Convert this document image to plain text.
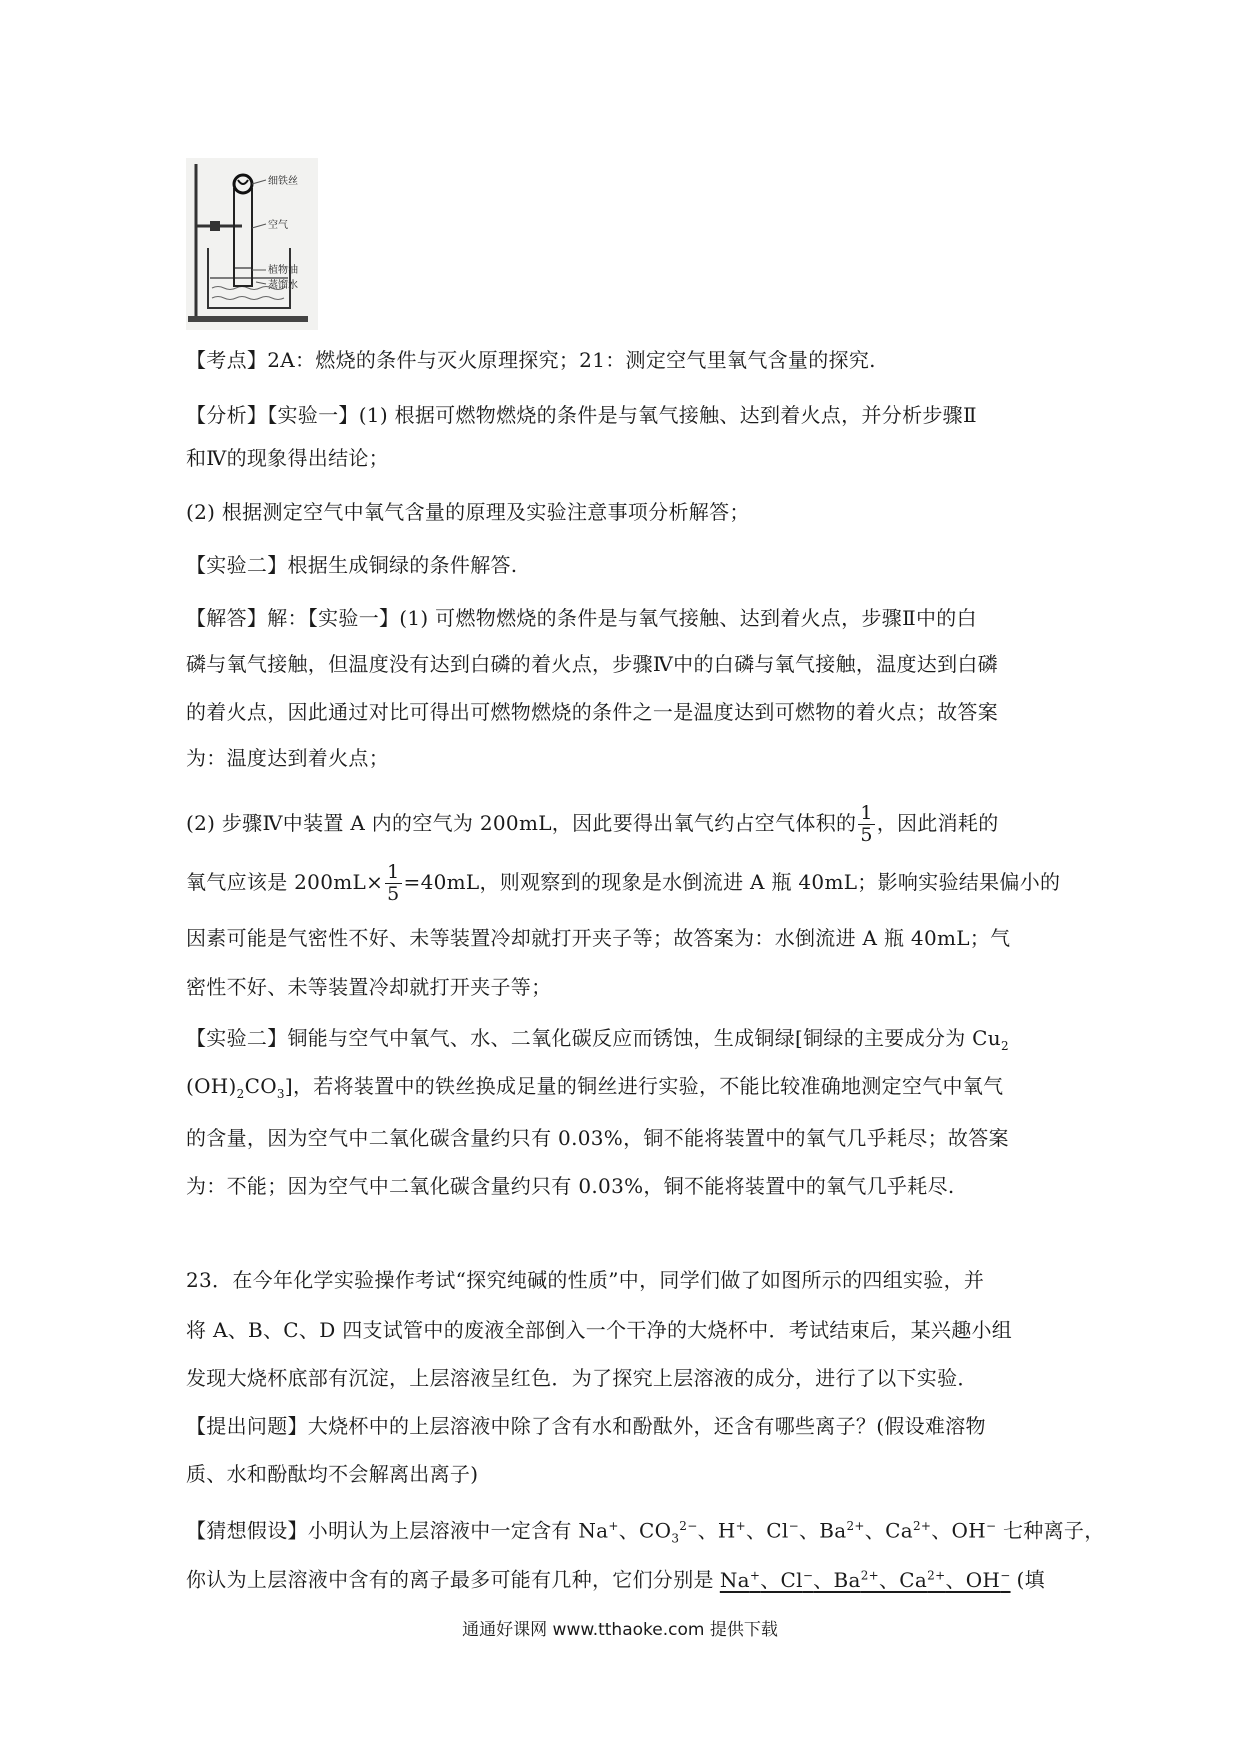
细铁丝
空气
植物油
蒸馏水
【考点】2A：燃烧的条件与灭火原理探究；21：测定空气里氧气含量的探究.
【分析】【实验一】(1) 根据可燃物燃烧的条件是与氧气接触、达到着火点，并分析步骤Ⅱ
和Ⅳ的现象得出结论；
(2) 根据测定空气中氧气含量的原理及实验注意事项分析解答；
【实验二】根据生成铜绿的条件解答.
【解答】解：【实验一】(1) 可燃物燃烧的条件是与氧气接触、达到着火点，步骤Ⅱ中的白
磷与氧气接触，但温度没有达到白磷的着火点，步骤Ⅳ中的白磷与氧气接触，温度达到白磷
的着火点，因此通过对比可得出可燃物燃烧的条件之一是温度达到可燃物的着火点；故答案
为：温度达到着火点；
(2) 步骤Ⅳ中装置 A 内的空气为 200mL，因此要得出氧气约占空气体积的 $\frac{1}{5}$ ，因此消耗的
氧气应该是 $200mL\times \frac{1}{5} =40mL$，则观察到的现象是水倒流进 A 瓶 40mL；影响实验结果偏小的
因素可能是气密性不好、未等装置冷却就打开夹子等；故答案为：水倒流进 A 瓶 40mL；气
密性不好、未等装置冷却就打开夹子等；
【实验二】铜能与空气中氧气、水、二氧化碳反应而锈蚀，生成铜绿[铜绿的主要成分为 $Cu_2$
$(OH)_2CO_3$]，若将装置中的铁丝换成足量的铜丝进行实验，不能比较准确地测定空气中氧气
的含量，因为空气中二氧化碳含量约只有 0.03%，铜不能将装置中的氧气几乎耗尽；故答案
为：不能；因为空气中二氧化碳含量约只有 0.03%，铜不能将装置中的氧气几乎耗尽.
23．在今年化学实验操作考试“探究纯碱的性质”中，同学们做了如图所示的四组实验，并
将 A、B、C、D 四支试管中的废液全部倒入一个干净的大烧杯中．考试结束后，某兴趣小组
发现大烧杯底部有沉淀，上层溶液呈红色．为了探究上层溶液的成分，进行了以下实验．
【提出问题】大烧杯中的上层溶液中除了含有水和酚酞外，还含有哪些离子？(假设难溶物
质、水和酚酞均不会解离出离子)
【猜想假设】小明认为上层溶液中一定含有 Na+、$CO_3^{2-}$、H+、Cl−、$Ba^{2+}$、$Ca^{2+}$、OH− 七种离子，
你认为上层溶液中含有的离子最多可能有几种，它们分别是 Na+、Cl−、$Ba^{2+}$、$Ca^{2+}$、OH− (填
通通好课网 www.tthaoke.com 提供下载
